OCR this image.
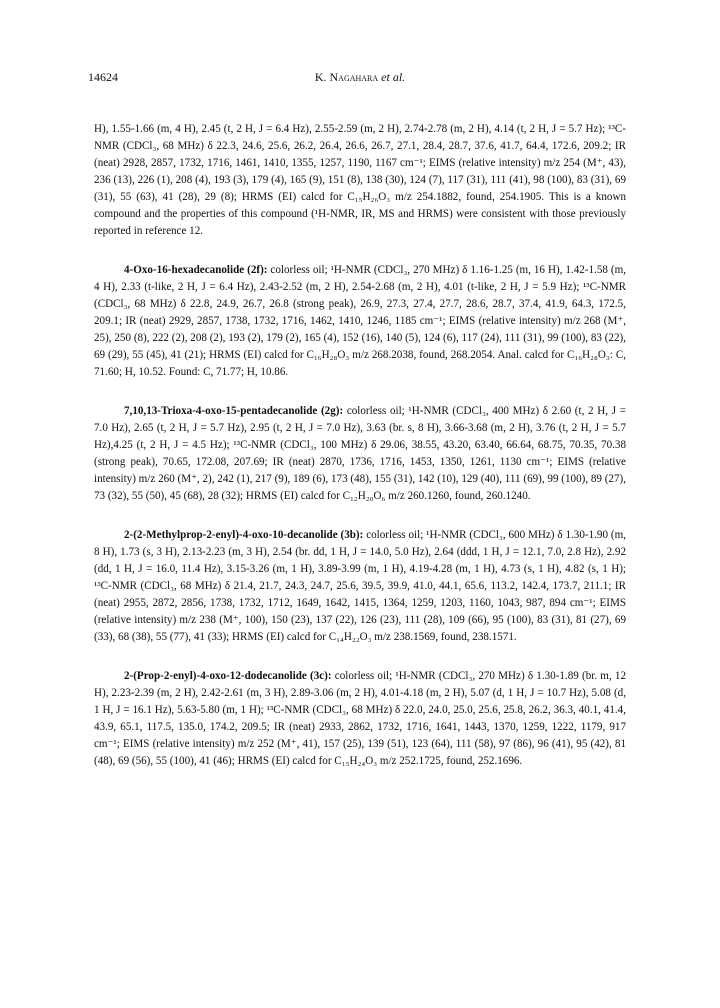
14624	K. Nagahara et al.

H), 1.55-1.66 (m, 4 H), 2.45 (t, 2 H, J = 6.4 Hz), 2.55-2.59 (m, 2 H), 2.74-2.78 (m, 2 H), 4.14 (t, 2 H, J = 5.7 Hz); ¹³C-NMR (CDCl₃, 68 MHz) δ 22.3, 24.6, 25.6, 26.2, 26.4, 26.6, 26.7, 27.1, 28.4, 28.7, 37.6, 41.7, 64.4, 172.6, 209.2; IR (neat) 2928, 2857, 1732, 1716, 1461, 1410, 1355, 1257, 1190, 1167 cm⁻¹; EIMS (relative intensity) m/z 254 (M⁺, 43), 236 (13), 226 (1), 208 (4), 193 (3), 179 (4), 165 (9), 151 (8), 138 (30), 124 (7), 117 (31), 111 (41), 98 (100), 83 (31), 69 (31), 55 (63), 41 (28), 29 (8); HRMS (EI) calcd for C₁₅H₂₆O₃ m/z 254.1882, found, 254.1905. This is a known compound and the properties of this compound (¹H-NMR, IR, MS and HRMS) were consistent with those previously reported in reference 12.

4-Oxo-16-hexadecanolide (2f): colorless oil; ¹H-NMR (CDCl₃, 270 MHz) δ 1.16-1.25 (m, 16 H), 1.42-1.58 (m, 4 H), 2.33 (t-like, 2 H, J = 6.4 Hz), 2.43-2.52 (m, 2 H), 2.54-2.68 (m, 2 H), 4.01 (t-like, 2 H, J = 5.9 Hz); ¹³C-NMR (CDCl₃, 68 MHz) δ 22.8, 24.9, 26.7, 26.8 (strong peak), 26.9, 27.3, 27.4, 27.7, 28.6, 28.7, 37.4, 41.9, 64.3, 172.5, 209.1; IR (neat) 2929, 2857, 1738, 1732, 1716, 1462, 1410, 1246, 1185 cm⁻¹; EIMS (relative intensity) m/z 268 (M⁺, 25), 250 (8), 222 (2), 208 (2), 193 (2), 179 (2), 165 (4), 152 (16), 140 (5), 124 (6), 117 (24), 111 (31), 99 (100), 83 (22), 69 (29), 55 (45), 41 (21); HRMS (EI) calcd for C₁₆H₂₈O₃ m/z 268.2038, found, 268.2054. Anal. calcd for C₁₆H₂₈O₃: C, 71.60; H, 10.52. Found: C, 71.77; H, 10.86.

7,10,13-Trioxa-4-oxo-15-pentadecanolide (2g): colorless oil; ¹H-NMR (CDCl₃, 400 MHz) δ 2.60 (t, 2 H, J = 7.0 Hz), 2.65 (t, 2 H, J = 5.7 Hz), 2.95 (t, 2 H, J = 7.0 Hz), 3.63 (br. s, 8 H), 3.66-3.68 (m, 2 H), 3.76 (t, 2 H, J = 5.7 Hz),4.25 (t, 2 H, J = 4.5 Hz); ¹³C-NMR (CDCl₃, 100 MHz) δ 29.06, 38.55, 43.20, 63.40, 66.64, 68.75, 70.35, 70.38 (strong peak), 70.65, 172.08, 207.69; IR (neat) 2870, 1736, 1716, 1453, 1350, 1261, 1130 cm⁻¹; EIMS (relative intensity) m/z 260 (M⁺, 2), 242 (1), 217 (9), 189 (6), 173 (48), 155 (31), 142 (10), 129 (40), 111 (69), 99 (100), 89 (27), 73 (32), 55 (50), 45 (68), 28 (32); HRMS (EI) calcd for C₁₂H₂₀O₆ m/z 260.1260, found, 260.1240.

2-(2-Methylprop-2-enyl)-4-oxo-10-decanolide (3b): colorless oil; ¹H-NMR (CDCl₃, 600 MHz) δ 1.30-1.90 (m, 8 H), 1.73 (s, 3 H), 2.13-2.23 (m, 3 H), 2.54 (br. dd, 1 H, J = 14.0, 5.0 Hz), 2.64 (ddd, 1 H, J = 12.1, 7.0, 2.8 Hz), 2.92 (dd, 1 H, J = 16.0, 11.4 Hz), 3.15-3.26 (m, 1 H), 3.89-3.99 (m, 1 H), 4.19-4.28 (m, 1 H), 4.73 (s, 1 H), 4.82 (s, 1 H); ¹³C-NMR (CDCl₃, 68 MHz) δ 21.4, 21.7, 24.3, 24.7, 25.6, 39.5, 39.9, 41.0, 44.1, 65.6, 113.2, 142.4, 173.7, 211.1; IR (neat) 2955, 2872, 2856, 1738, 1732, 1712, 1649, 1642, 1415, 1364, 1259, 1203, 1160, 1043, 987, 894 cm⁻¹; EIMS (relative intensity) m/z 238 (M⁺, 100), 150 (23), 137 (22), 126 (23), 111 (28), 109 (66), 95 (100), 83 (31), 81 (27), 69 (33), 68 (38), 55 (77), 41 (33); HRMS (EI) calcd for C₁₄H₂₂O₃ m/z 238.1569, found, 238.1571.

2-(Prop-2-enyl)-4-oxo-12-dodecanolide (3c): colorless oil; ¹H-NMR (CDCl₃, 270 MHz) δ 1.30-1.89 (br. m, 12 H), 2.23-2.39 (m, 2 H), 2.42-2.61 (m, 3 H), 2.89-3.06 (m, 2 H), 4.01-4.18 (m, 2 H), 5.07 (d, 1 H, J = 10.7 Hz), 5.08 (d, 1 H, J = 16.1 Hz), 5.63-5.80 (m, 1 H); ¹³C-NMR (CDCl₃, 68 MHz) δ 22.0, 24.0, 25.0, 25.6, 25.8, 26.2, 36.3, 40.1, 41.4, 43.9, 65.1, 117.5, 135.0, 174.2, 209.5; IR (neat) 2933, 2862, 1732, 1716, 1641, 1443, 1370, 1259, 1222, 1179, 917 cm⁻¹; EIMS (relative intensity) m/z 252 (M⁺, 41), 157 (25), 139 (51), 123 (64), 111 (58), 97 (86), 96 (41), 95 (42), 81 (48), 69 (56), 55 (100), 41 (46); HRMS (EI) calcd for C₁₅H₂₄O₃ m/z 252.1725, found, 252.1696.
